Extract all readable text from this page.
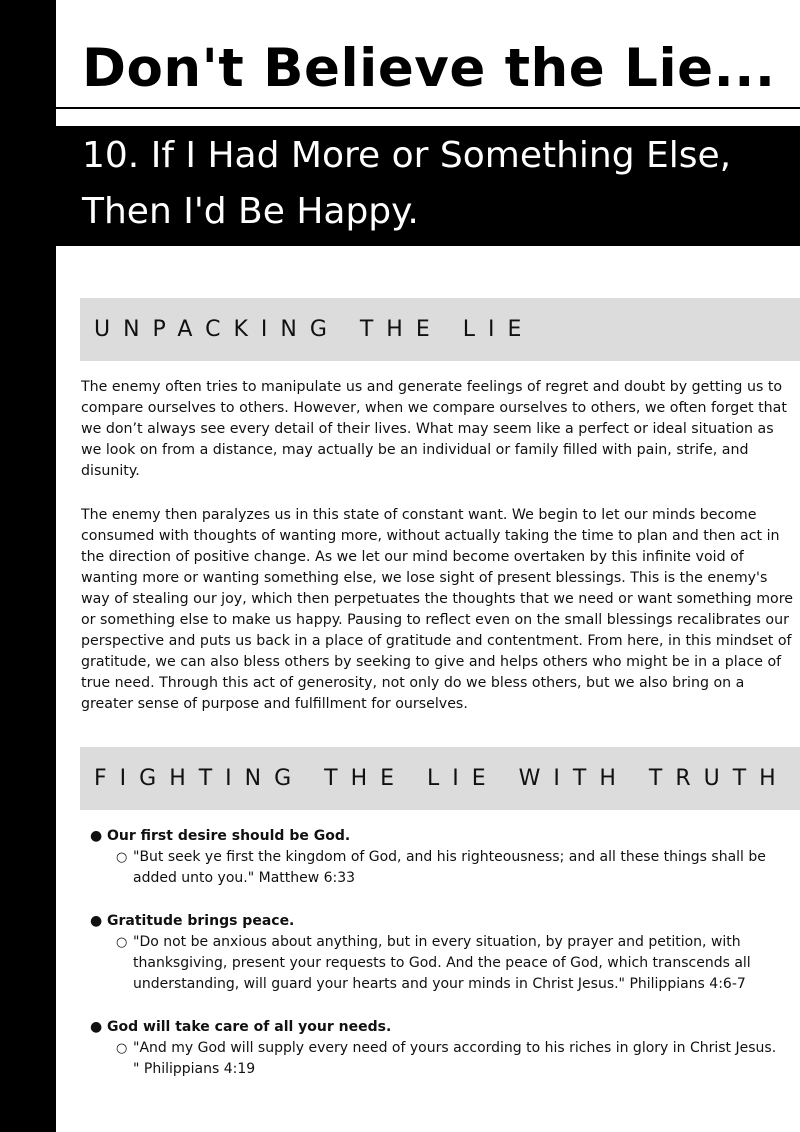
Don't Believe the Lie...
10. If I Had More or Something Else, Then I'd Be Happy.
UNPACKING THE LIE

The enemy often tries to manipulate us and generate feelings of regret and doubt by getting us to compare ourselves to others. However, when we compare ourselves to others, we often forget that we don’t always see every detail of their lives. What may seem like a perfect or ideal situation as we look on from a distance, may actually be an individual or family filled with pain, strife, and disunity.

The enemy then paralyzes us in this state of constant want. We begin to let our minds become consumed with thoughts of wanting more, without actually taking the time to plan and then act in the direction of positive change. As we let our mind become overtaken by this infinite void of wanting more or wanting something else, we lose sight of present blessings. This is the enemy's way of stealing our joy, which then perpetuates the thoughts that we need or want something more or something else to make us happy. Pausing to reflect even on the small blessings recalibrates our perspective and puts us back in a place of gratitude and contentment. From here, in this mindset of gratitude, we can also bless others by seeking to give and helps others who might be in a place of true need. Through this act of generosity, not only do we bless others, but we also bring on a greater sense of purpose and fulfillment for ourselves.

FIGHTING THE LIE WITH TRUTH
● Our first desire should be God.
○ "But seek ye first the kingdom of God, and his righteousness; and all these things shall be added unto you." Matthew 6:33
● Gratitude brings peace.
○ "Do not be anxious about anything, but in every situation, by prayer and petition, with thanksgiving, present your requests to God. And the peace of God, which transcends all understanding, will guard your hearts and your minds in Christ Jesus." Philippians 4:6-7
● God will take care of all your needs.
○ "And my God will supply every need of yours according to his riches in glory in Christ Jesus. " Philippians 4:19
